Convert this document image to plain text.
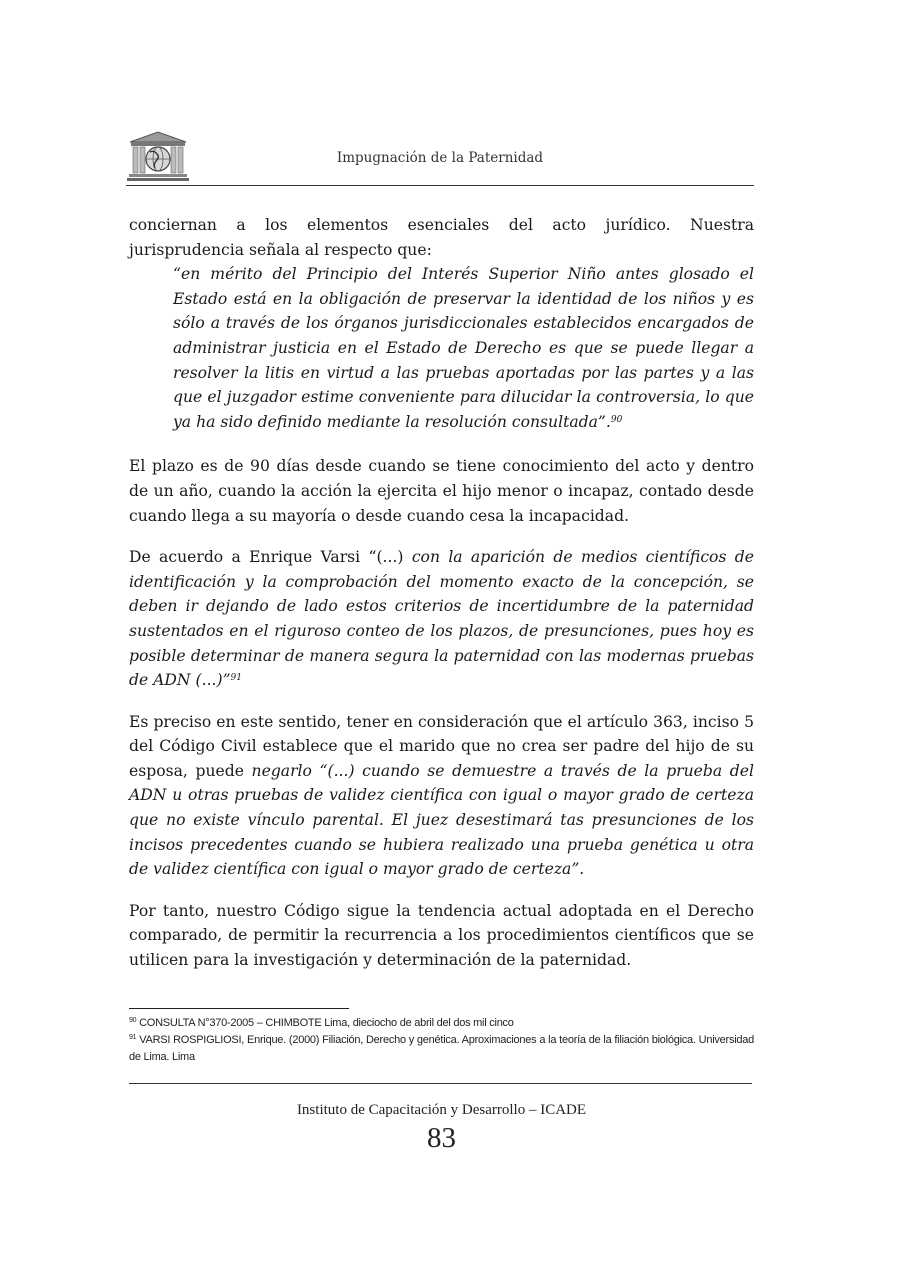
Impugnación de la Paternidad

conciernan a los elementos esenciales del acto jurídico. Nuestra jurisprudencia señala al respecto que:

“en mérito del Principio del Interés Superior Niño antes glosado el Estado está en la obligación de preservar la identidad de los niños y es sólo a través de los órganos jurisdiccionales establecidos encargados de administrar justicia en el Estado de Derecho es que se puede llegar a resolver la litis en virtud a las pruebas aportadas por las partes y a las que el juzgador estime conveniente para dilucidar la controversia, lo que ya ha sido definido mediante la resolución consultada”.$^{90}$

El plazo es de 90 días desde cuando se tiene conocimiento del acto y dentro de un año, cuando la acción la ejercita el hijo menor o incapaz, contado desde cuando llega a su mayoría o desde cuando cesa la incapacidad.

De acuerdo a Enrique Varsi “(...) con la aparición de medios científicos de identificación y la comprobación del momento exacto de la concepción, se deben ir dejando de lado estos criterios de incertidumbre de la paternidad sustentados en el riguroso conteo de los plazos, de presunciones, pues hoy es posible determinar de manera segura la paternidad con las modernas pruebas de ADN (...)”$^{91}$

Es preciso en este sentido, tener en consideración que el artículo 363, inciso 5 del Código Civil establece que el marido que no crea ser padre del hijo de su esposa, puede negarlo “(...) cuando se demuestre a través de la prueba del ADN u otras pruebas de validez científica con igual o mayor grado de certeza que no existe vínculo parental. El juez desestimará tas presunciones de los incisos precedentes cuando se hubiera realizado una prueba genética u otra de validez científica con igual o mayor grado de certeza”.

Por tanto, nuestro Código sigue la tendencia actual adoptada en el Derecho comparado, de permitir la recurrencia a los procedimientos científicos que se utilicen para la investigación y determinación de la paternidad.

$^{90}$ CONSULTA N°370-2005 – CHIMBOTE Lima, dieciocho de abril del dos mil cinco
$^{91}$ VARSI ROSPIGLIOSI, Enrique. (2000) Filiación, Derecho y genética. Aproximaciones a la teoría de la filiación biológica. Universidad de Lima. Lima
Instituto de Capacitación y Desarrollo – ICADE
83
